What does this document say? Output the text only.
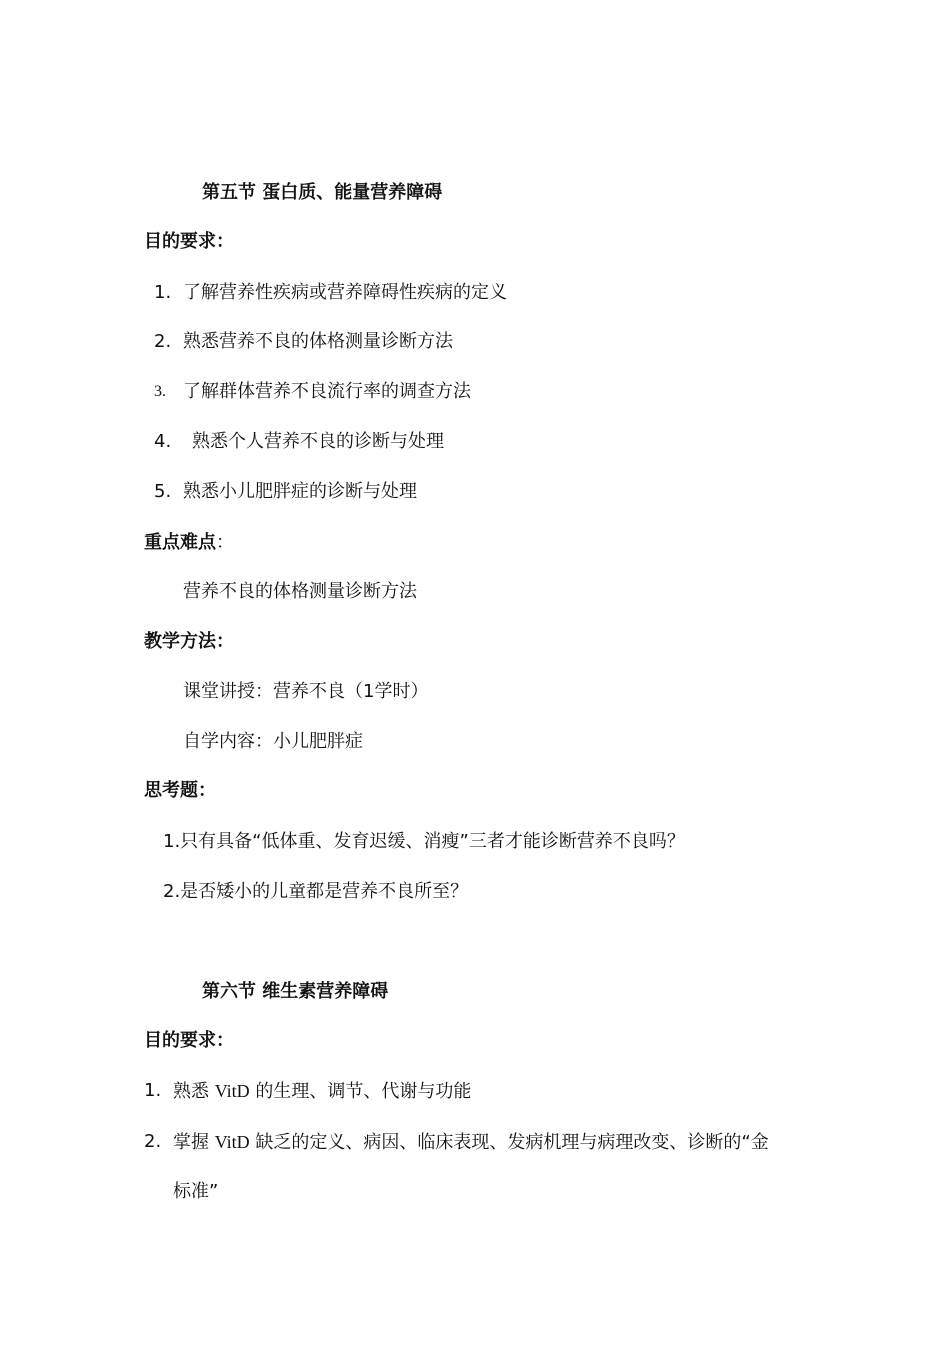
第五节 蛋白质、能量营养障碍
目的要求：
1. 了解营养性疾病或营养障碍性疾病的定义
2. 熟悉营养不良的体格测量诊断方法
3. 了解群体营养不良流行率的调查方法
4. 熟悉个人营养不良的诊断与处理
5. 熟悉小儿肥胖症的诊断与处理
重点难点：
营养不良的体格测量诊断方法
教学方法：
课堂讲授：营养不良（1学时）
自学内容：小儿肥胖症
思考题：
1.只有具备“低体重、发育迟缓、消瘦”三者才能诊断营养不良吗？
2.是否矮小的儿童都是营养不良所至？
第六节 维生素营养障碍
目的要求：
1. 熟悉 VitD 的生理、调节、代谢与功能
2. 掌握 VitD 缺乏的定义、病因、临床表现、发病机理与病理改变、诊断的“金
标准”
